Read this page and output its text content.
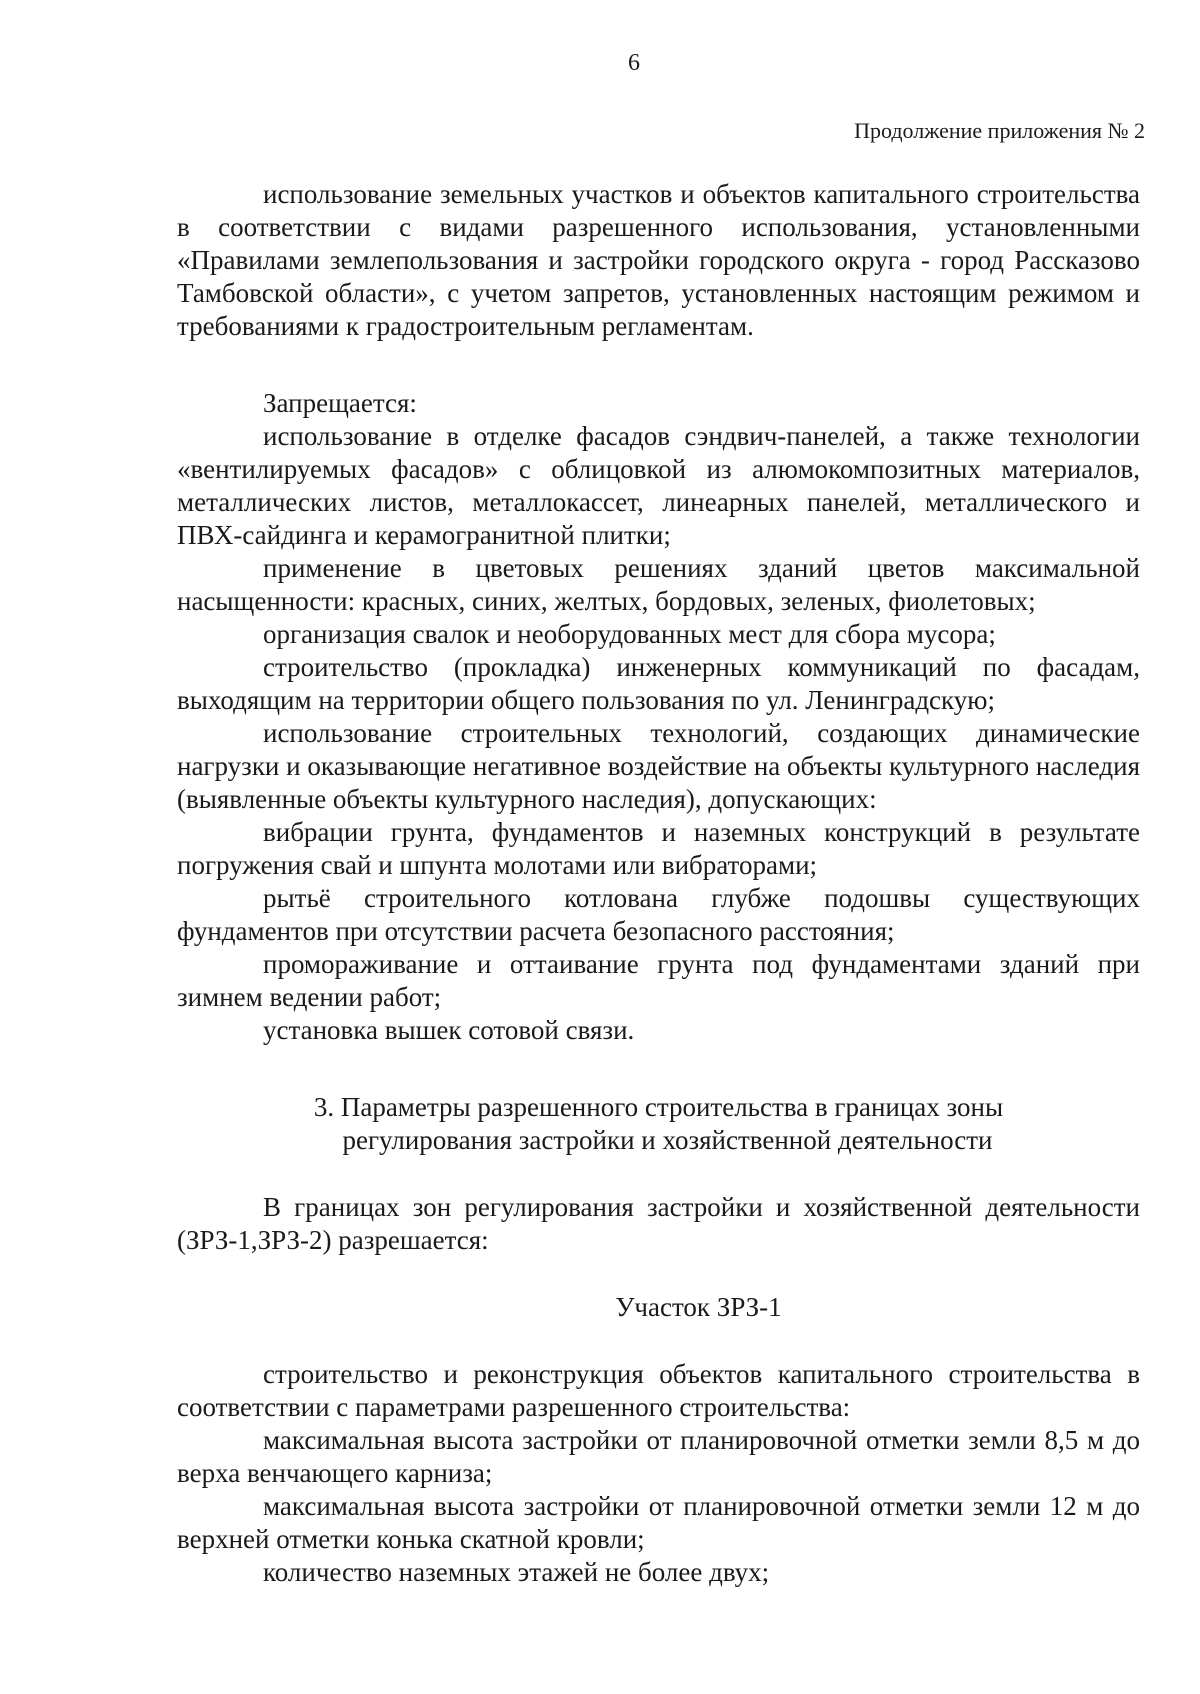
6
Продолжение приложения № 2

использование земельных участков и объектов капитального строительства в соответствии с видами разрешенного использования, установленными «Правилами землепользования и застройки городского округа - город Рассказово Тамбовской области», с учетом запретов, установленных настоящим режимом и требованиями к градостроительным регламентам.

Запрещается:

использование в отделке фасадов сэндвич-панелей, а также технологии «вентилируемых фасадов» с облицовкой из алюмокомпозитных материалов, металлических листов, металлокассет, линеарных панелей, металлического и ПВХ-сайдинга и керамогранитной плитки;

применение в цветовых решениях зданий цветов максимальной насыщенности: красных, синих, желтых, бордовых, зеленых, фиолетовых;

организация свалок и необорудованных мест для сбора мусора;

строительство (прокладка) инженерных коммуникаций по фасадам, выходящим на территории общего пользования по ул. Ленинградскую;

использование строительных технологий, создающих динамические нагрузки и оказывающие негативное воздействие на объекты культурного наследия (выявленные объекты культурного наследия), допускающих:

вибрации грунта, фундаментов и наземных конструкций в результате погружения свай и шпунта молотами или вибраторами;

рытьё строительного котлована глубже подошвы существующих фундаментов при отсутствии расчета безопасного расстояния;

промораживание и оттаивание грунта под фундаментами зданий при зимнем ведении работ;

установка вышек сотовой связи.

3. Параметры разрешенного строительства в границах зоны
регулирования застройки и хозяйственной деятельности

В границах зон регулирования застройки и хозяйственной деятельности (ЗРЗ-1,ЗРЗ-2) разрешается:

Участок ЗРЗ-1

строительство и реконструкция объектов капитального строительства в соответствии с параметрами разрешенного строительства:

максимальная высота застройки от планировочной отметки земли 8,5 м до верха венчающего карниза;

максимальная высота застройки от планировочной отметки земли 12 м до верхней отметки конька скатной кровли;

количество наземных этажей не более двух;
